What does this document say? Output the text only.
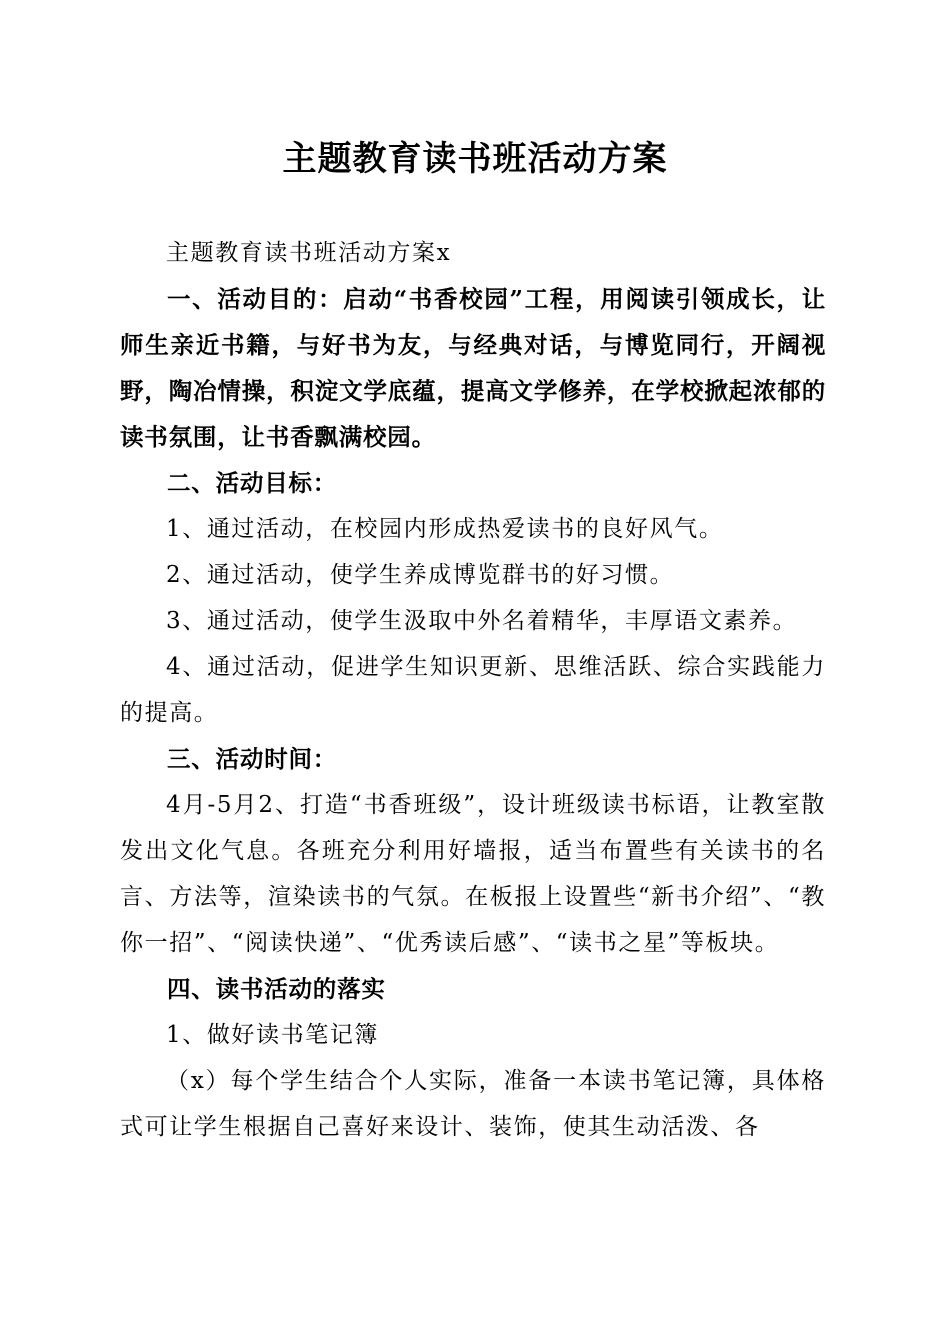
主题教育读书班活动方案

主题教育读书班活动方案x

一、活动目的：启动“书香校园”工程，用阅读引领成长，让师生亲近书籍，与好书为友，与经典对话，与博览同行，开阔视野，陶冶情操，积淀文学底蕴，提高文学修养，在学校掀起浓郁的读书氛围，让书香飘满校园。

二、活动目标：

1、通过活动，在校园内形成热爱读书的良好风气。

2、通过活动，使学生养成博览群书的好习惯。

3、通过活动，使学生汲取中外名着精华，丰厚语文素养。

4、通过活动，促进学生知识更新、思维活跃、综合实践能力的提高。

三、活动时间：

4月-5月2、打造“书香班级”，设计班级读书标语，让教室散发出文化气息。各班充分利用好墙报，适当布置些有关读书的名言、方法等，渲染读书的气氛。在板报上设置些“新书介绍”、“教你一招”、“阅读快递”、“优秀读后感”、“读书之星”等板块。

四、读书活动的落实

1、做好读书笔记簿

（x）每个学生结合个人实际，准备一本读书笔记簿，具体格式可让学生根据自己喜好来设计、装饰，使其生动活泼、各
